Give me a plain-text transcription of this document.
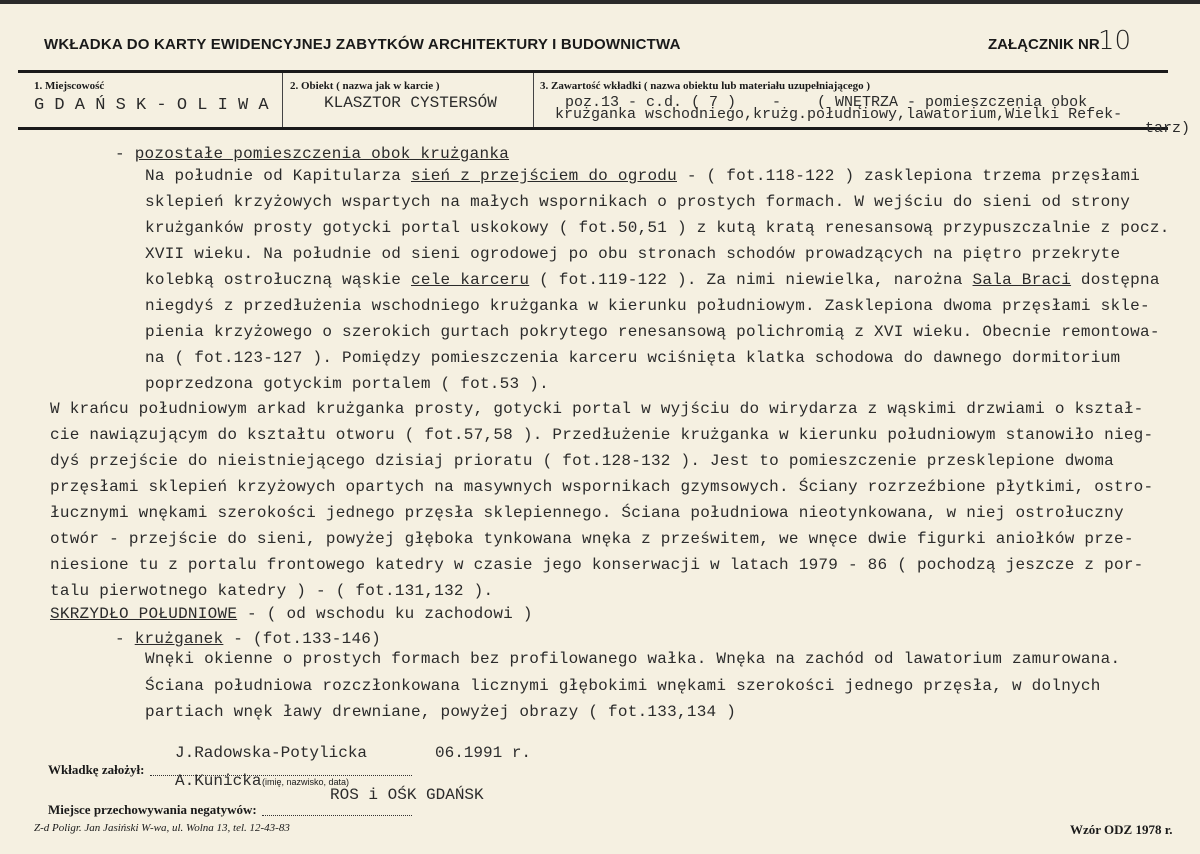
WKŁADKA DO KARTY EWIDENCYJNEJ ZABYTKÓW ARCHITEKTURY I BUDOWNICTWA	ZAŁĄCZNIK NR
10
1. Miejscowość
G D A Ń S K - O L I W A
2. Obiekt ( nazwa jak w karcie )
KLASZTOR CYSTERSÓW
3. Zawartość wkładki ( nazwa obiektu lub materiału uzupełniającego )
poz.13 - c.d. ( 7 )    -    ( WNĘTRZA - pomieszczenia obok
krużganka wschodniego,krużg.południowy,lawatorium,Wielki Refek-
tarz)
- pozostałe pomieszczenia obok krużganka
Na południe od Kapitularza sień z przejściem do ogrodu - ( fot.118-122 ) zasklepiona trzema przęsłami
sklepień krzyżowych wspartych na małych wspornikach o prostych formach. W wejściu do sieni od strony
krużganków prosty gotycki portal uskokowy ( fot.50,51 ) z kutą kratą renesansową przypuszczalnie z pocz.
XVII wieku. Na południe od sieni ogrodowej po obu stronach schodów prowadzących na piętro przekryte
kolebką ostrołuczną wąskie cele karceru ( fot.119-122 ). Za nimi niewielka, narożna Sala Braci dostępna
niegdyś z przedłużenia wschodniego krużganka w kierunku południowym. Zasklepiona dwoma przęsłami skle-
pienia krzyżowego o szerokich gurtach pokrytego renesansową polichromią z XVI wieku. Obecnie remontowa-
na ( fot.123-127 ). Pomiędzy pomieszczenia karceru wciśnięta klatka schodowa do dawnego dormitorium
poprzedzona gotyckim portalem ( fot.53 ).
W krańcu południowym arkad krużganka prosty, gotycki portal w wyjściu do wirydarza z wąskimi drzwiami o kształ-
cie nawiązującym do kształtu otworu ( fot.57,58 ). Przedłużenie krużganka w kierunku południowym stanowiło nieg-
dyś przejście do nieistniejącego dzisiaj prioratu ( fot.128-132 ). Jest to pomieszczenie przesklepione dwoma
przęsłami sklepień krzyżowych opartych na masywnych wspornikach gzymsowych. Ściany rozrzeźbione płytkimi, ostro-
łucznymi wnękami szerokości jednego przęsła sklepiennego. Ściana południowa nieotynkowana, w niej ostrołuczny
otwór - przejście do sieni, powyżej głęboka tynkowana wnęka z prześwitem, we wnęce dwie figurki aniołków prze-
niesione tu z portalu frontowego katedry w czasie jego konserwacji w latach 1979 - 86 ( pochodzą jeszcze z por-
talu pierwotnego katedry ) - ( fot.131,132 ).
SKRZYDŁO POŁUDNIOWE - ( od wschodu ku zachodowi )
- krużganek - (fot.133-146)
Wnęki okienne o prostych formach bez profilowanego wałka. Wnęka na zachód od lawatorium zamurowana.
Ściana południowa rozczłonkowana licznymi głębokimi wnękami szerokości jednego przęsła, w dolnych
partiach wnęk ławy drewniane, powyżej obrazy ( fot.133,134 )
Wkładkę założył:
J.Radowska-Potylicka	06.1991 r.
A.Kunicka (imię, nazwisko, data)
Miejsce przechowywania negatywów:
ROS i OŚK GDAŃSK
Z-d Poligr. Jan Jasiński W-wa, ul. Wolna 13, tel. 12-43-83	Wzór ODZ 1978 r.
